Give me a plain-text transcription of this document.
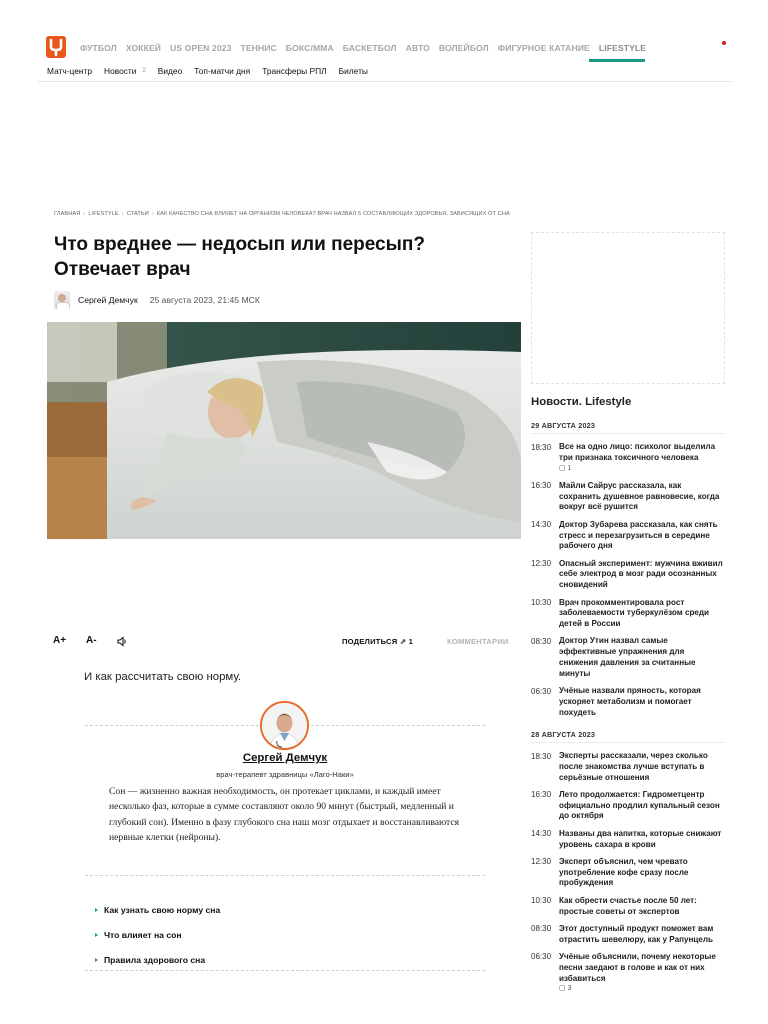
ФУТБОЛ ХОККЕЙ US OPEN 2023 ТЕННИС БОКС/ММА БАСКЕТБОЛ АВТО ВОЛЕЙБОЛ ФИГУРНОЕ КАТАНИЕ LIFESTYLE
Матч-центр Новости 2 Видео Топ-матчи дня Трансферы РПЛ Билеты
ГЛАВНАЯ › LIFESTYLE › СТАТЬИ › КАК КАЧЕСТВО СНА ВЛИЯЕТ НА ОРГАНИЗМ ЧЕЛОВЕКА? ВРАЧ НАЗВАЛ 5 СОСТАВЛЯЮЩИХ ЗДОРОВЬЯ, ЗАВИСЯЩИХ ОТ СНА
Что вреднее — недосып или пересып? Отвечает врач
Сергей Демчук 25 августа 2023, 21:45 МСК
А+ А-	ПОДЕЛИТЬСЯ ⇗ 1	КОММЕНТАРИИ

И как рассчитать свою норму.

Сергей Демчук
врач-терапевт здравницы «Лаго-Наки»

Сон — жизненно важная необходимость, он протекает циклами, и каждый имеет несколько фаз, которые в сумме составляют около 90 минут (быстрый, медленный и глубокий сон). Именно в фазу глубокого сна наш мозг отдыхает и восстанавливаются нервные клетки (нейроны).

Как узнать свою норму сна
Что влияет на сон
Правила здорового сна
Новости. Lifestyle
29 АВГУСТА 2023
18:30 Все на одно лицо: психолог выделила три признака токсичного человека
▢ 1
16:30 Майли Сайрус рассказала, как сохранить душевное равновесие, когда вокруг всё рушится
14:30 Доктор Зубарева рассказала, как снять стресс и перезагрузиться в середине рабочего дня
12:30 Опасный эксперимент: мужчина вживил себе электрод в мозг ради осознанных сновидений
10:30 Врач прокомментировала рост заболеваемости туберкулёзом среди детей в России
08:30 Доктор Утин назвал самые эффективные упражнения для снижения давления за считанные минуты
06:30 Учёные назвали пряность, которая ускоряет метаболизм и помогает похудеть
28 АВГУСТА 2023
18:30 Эксперты рассказали, через сколько после знакомства лучше вступать в серьёзные отношения
16:30 Лето продолжается: Гидрометцентр официально продлил купальный сезон до октября
14:30 Названы два напитка, которые снижают уровень сахара в крови
12:30 Эксперт объяснил, чем чревато употребление кофе сразу после пробуждения
10:30 Как обрести счастье после 50 лет: простые советы от экспертов
08:30 Этот доступный продукт поможет вам отрастить шевелюру, как у Рапунцель
06:30 Учёные объяснили, почему некоторые песни заедают в голове и как от них избавиться
▢ 3
